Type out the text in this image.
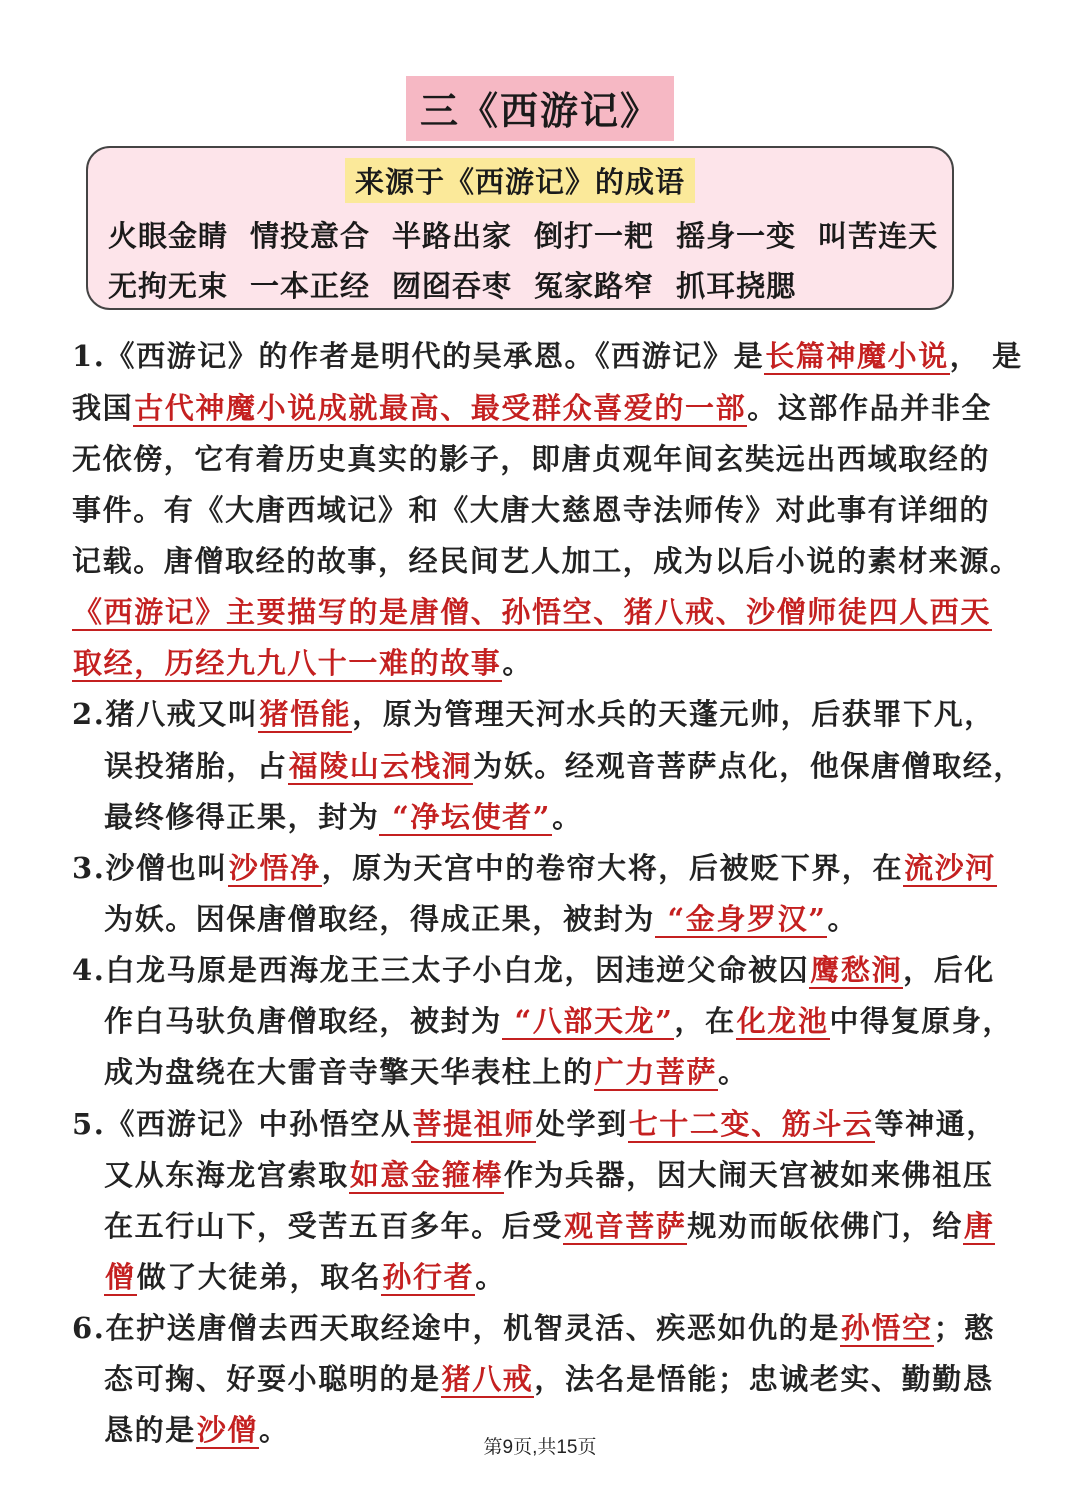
三《西游记》
来源于《西游记》的成语
火眼金睛 情投意合 半路出家 倒打一耙 摇身一变 叫苦连天
无拘无束 一本正经 囫囵吞枣 冤家路窄 抓耳挠腮
1.《西游记》的作者是明代的吴承恩。《西游记》是长篇神魔小说， 是
我国古代神魔小说成就最高、最受群众喜爱的一部。这部作品并非全
无依傍，它有着历史真实的影子，即唐贞观年间玄奘远出西域取经的
事件。有《大唐西域记》和《大唐大慈恩寺法师传》对此事有详细的
记载。唐僧取经的故事，经民间艺人加工，成为以后小说的素材来源。
《西游记》主要描写的是唐僧、孙悟空、猪八戒、沙僧师徒四人西天
取经，历经九九八十一难的故事。
2.猪八戒又叫猪悟能，原为管理天河水兵的天蓬元帅，后获罪下凡，
误投猪胎，占福陵山云栈洞为妖。经观音菩萨点化，他保唐僧取经，
最终修得正果，封为 “净坛使者”。
3.沙僧也叫沙悟净，原为天宫中的卷帘大将，后被贬下界，在流沙河
为妖。因保唐僧取经，得成正果，被封为 “金身罗汉”。
4.白龙马原是西海龙王三太子小白龙，因违逆父命被囚鹰愁涧，后化
作白马驮负唐僧取经，被封为 “八部天龙”，在化龙池中得复原身，
成为盘绕在大雷音寺擎天华表柱上的广力菩萨。
5.《西游记》中孙悟空从菩提祖师处学到七十二变、筋斗云等神通，
又从东海龙宫索取如意金箍棒作为兵器，因大闹天宫被如来佛祖压
在五行山下，受苦五百多年。后受观音菩萨规劝而皈依佛门，给唐
僧做了大徒弟，取名孙行者。
6.在护送唐僧去西天取经途中，机智灵活、疾恶如仇的是孙悟空；憨
态可掬、好耍小聪明的是猪八戒，法名是悟能；忠诚老实、勤勤恳
恳的是沙僧。
第9页,共15页
